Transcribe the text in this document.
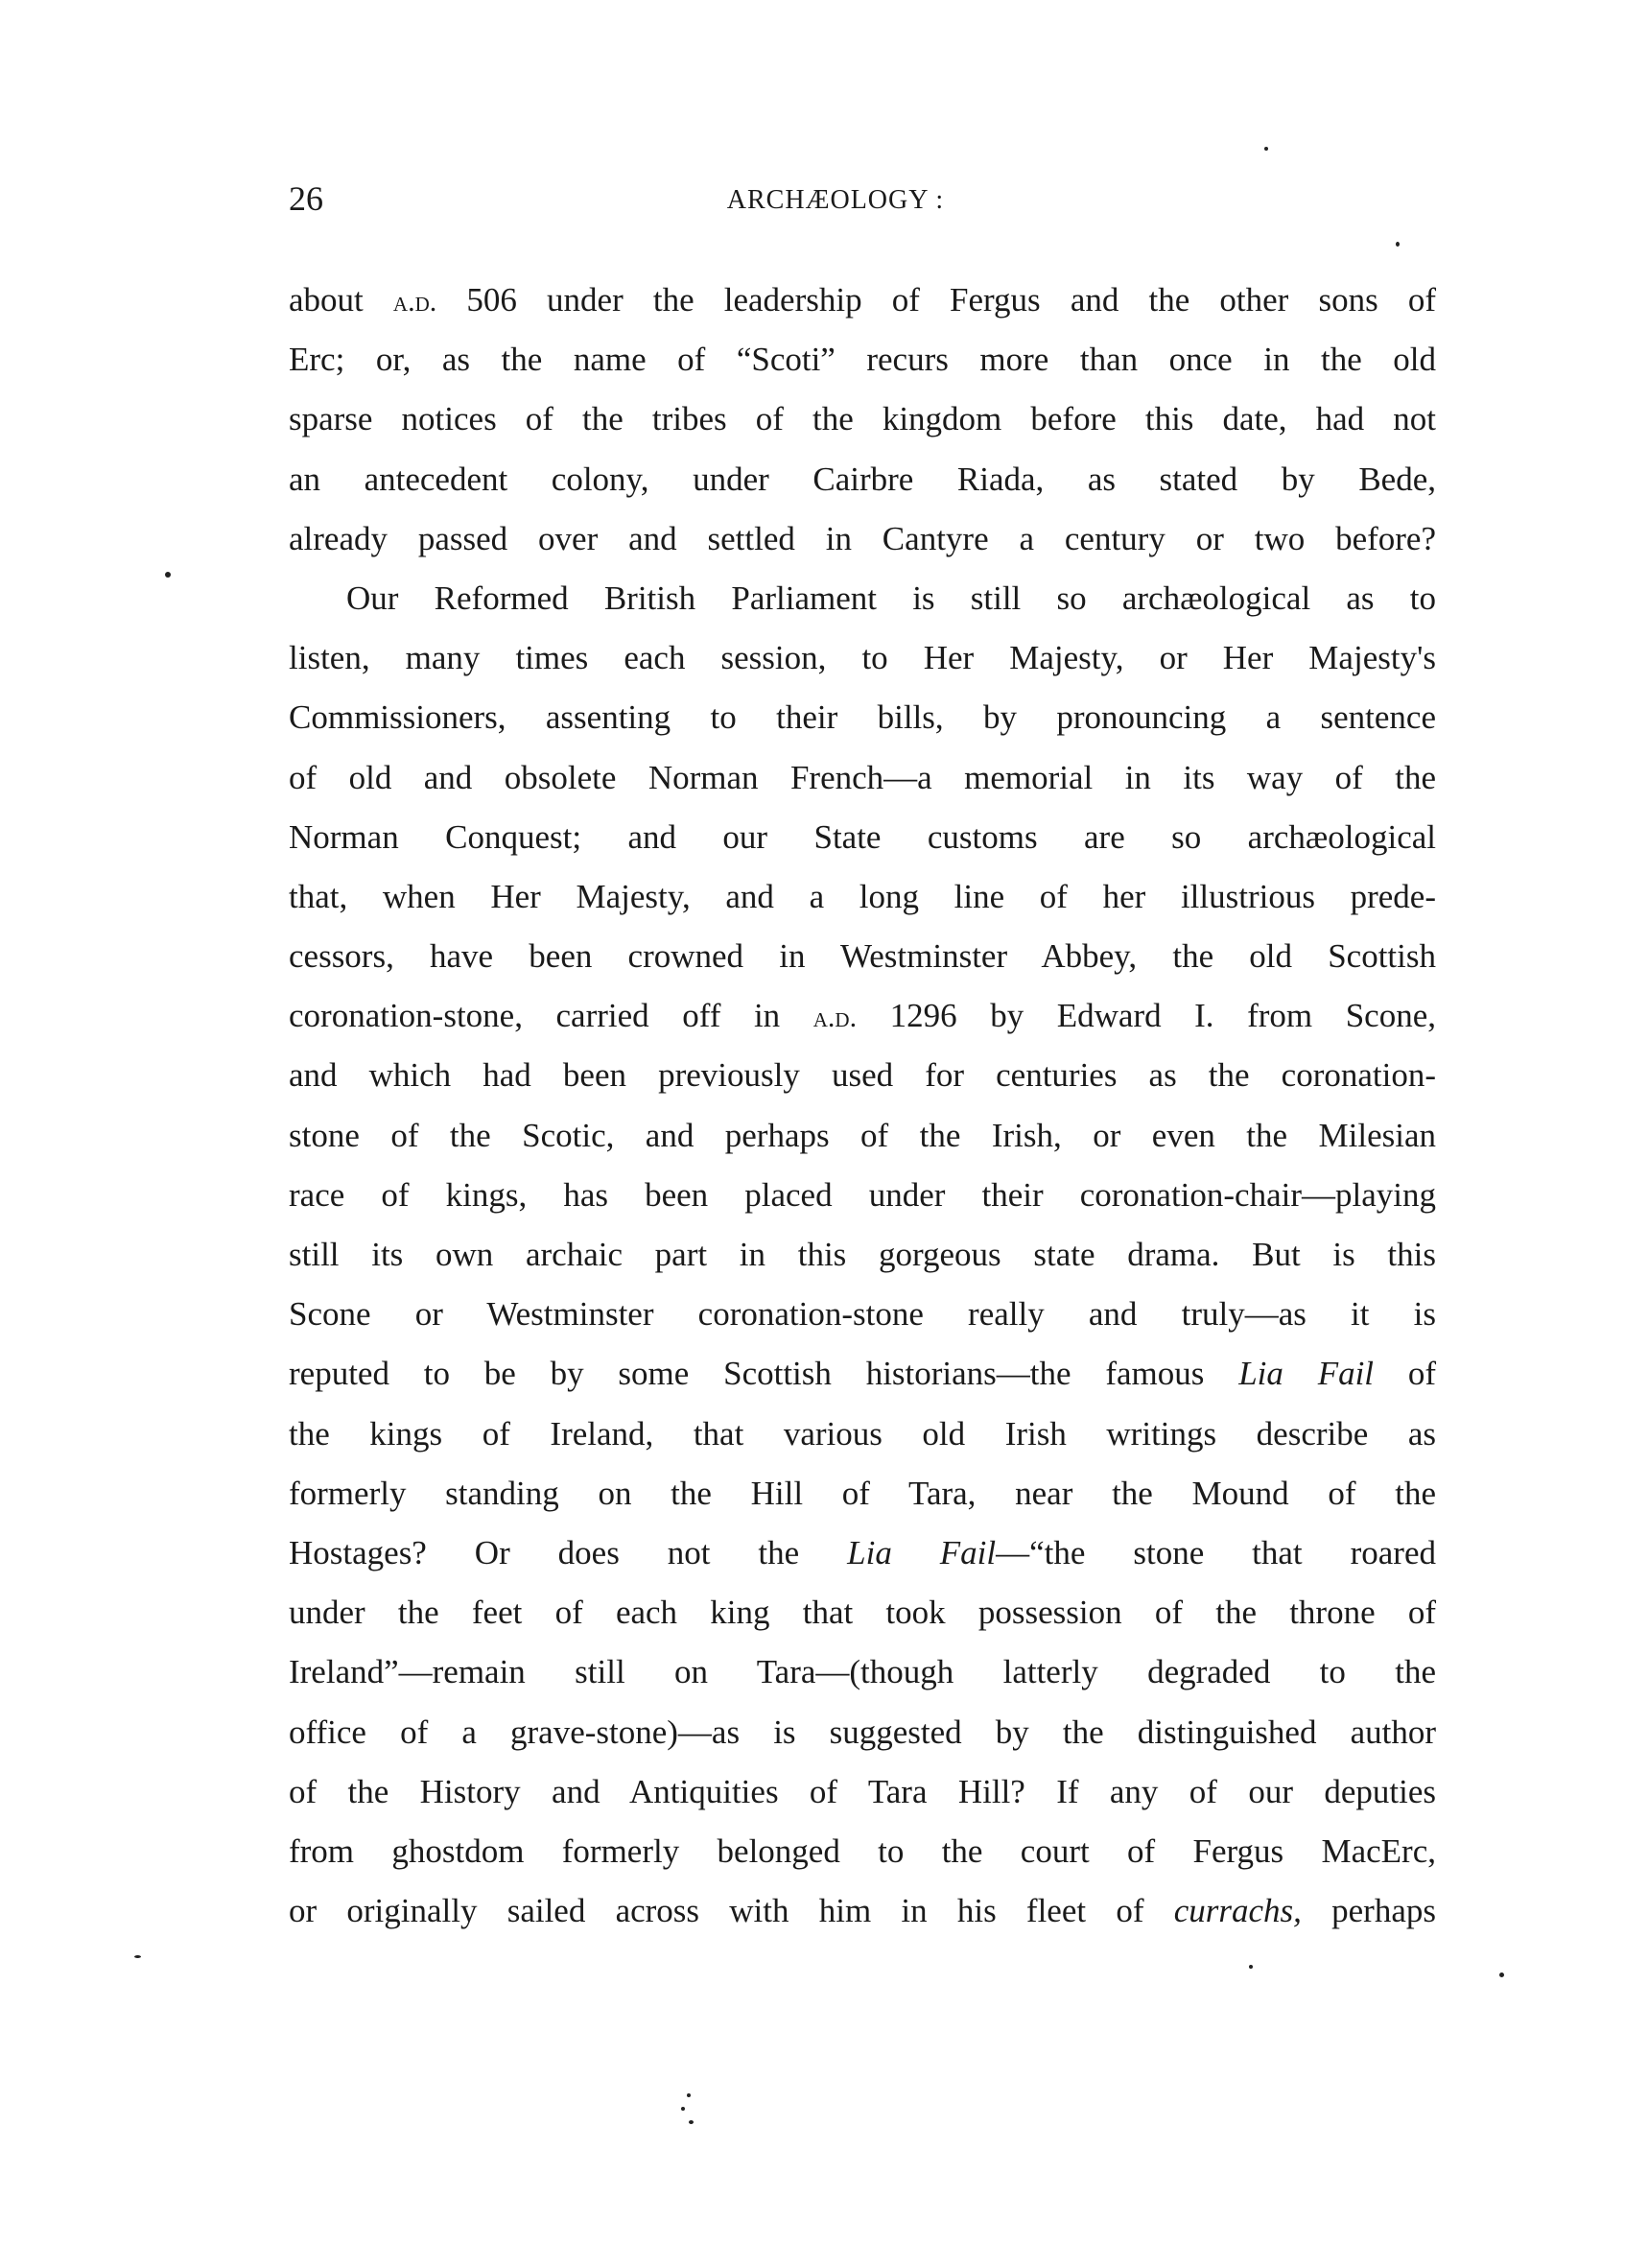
26	ARCHÆOLOGY :
about a.d. 506 under the leadership of Fergus and the other sons of
Erc; or, as the name of “Scoti” recurs more than once in the old
sparse notices of the tribes of the kingdom before this date, had not
an antecedent colony, under Cairbre Riada, as stated by Bede,
already passed over and settled in Cantyre a century or two before?
Our Reformed British Parliament is still so archæological as to
listen, many times each session, to Her Majesty, or Her Majesty's
Commissioners, assenting to their bills, by pronouncing a sentence
of old and obsolete Norman French—a memorial in its way of the
Norman Conquest; and our State customs are so archæological
that, when Her Majesty, and a long line of her illustrious prede-
cessors, have been crowned in Westminster Abbey, the old Scottish
coronation-stone, carried off in a.d. 1296 by Edward I. from Scone,
and which had been previously used for centuries as the coronation-
stone of the Scotic, and perhaps of the Irish, or even the Milesian
race of kings, has been placed under their coronation-chair—playing
still its own archaic part in this gorgeous state drama. But is this
Scone or Westminster coronation-stone really and truly—as it is
reputed to be by some Scottish historians—the famous Lia Fail of
the kings of Ireland, that various old Irish writings describe as
formerly standing on the Hill of Tara, near the Mound of the
Hostages? Or does not the Lia Fail—“the stone that roared
under the feet of each king that took possession of the throne of
Ireland”—remain still on Tara—(though latterly degraded to the
office of a grave-stone)—as is suggested by the distinguished author
of the History and Antiquities of Tara Hill? If any of our deputies
from ghostdom formerly belonged to the court of Fergus MacErc,
or originally sailed across with him in his fleet of currachs, perhaps
